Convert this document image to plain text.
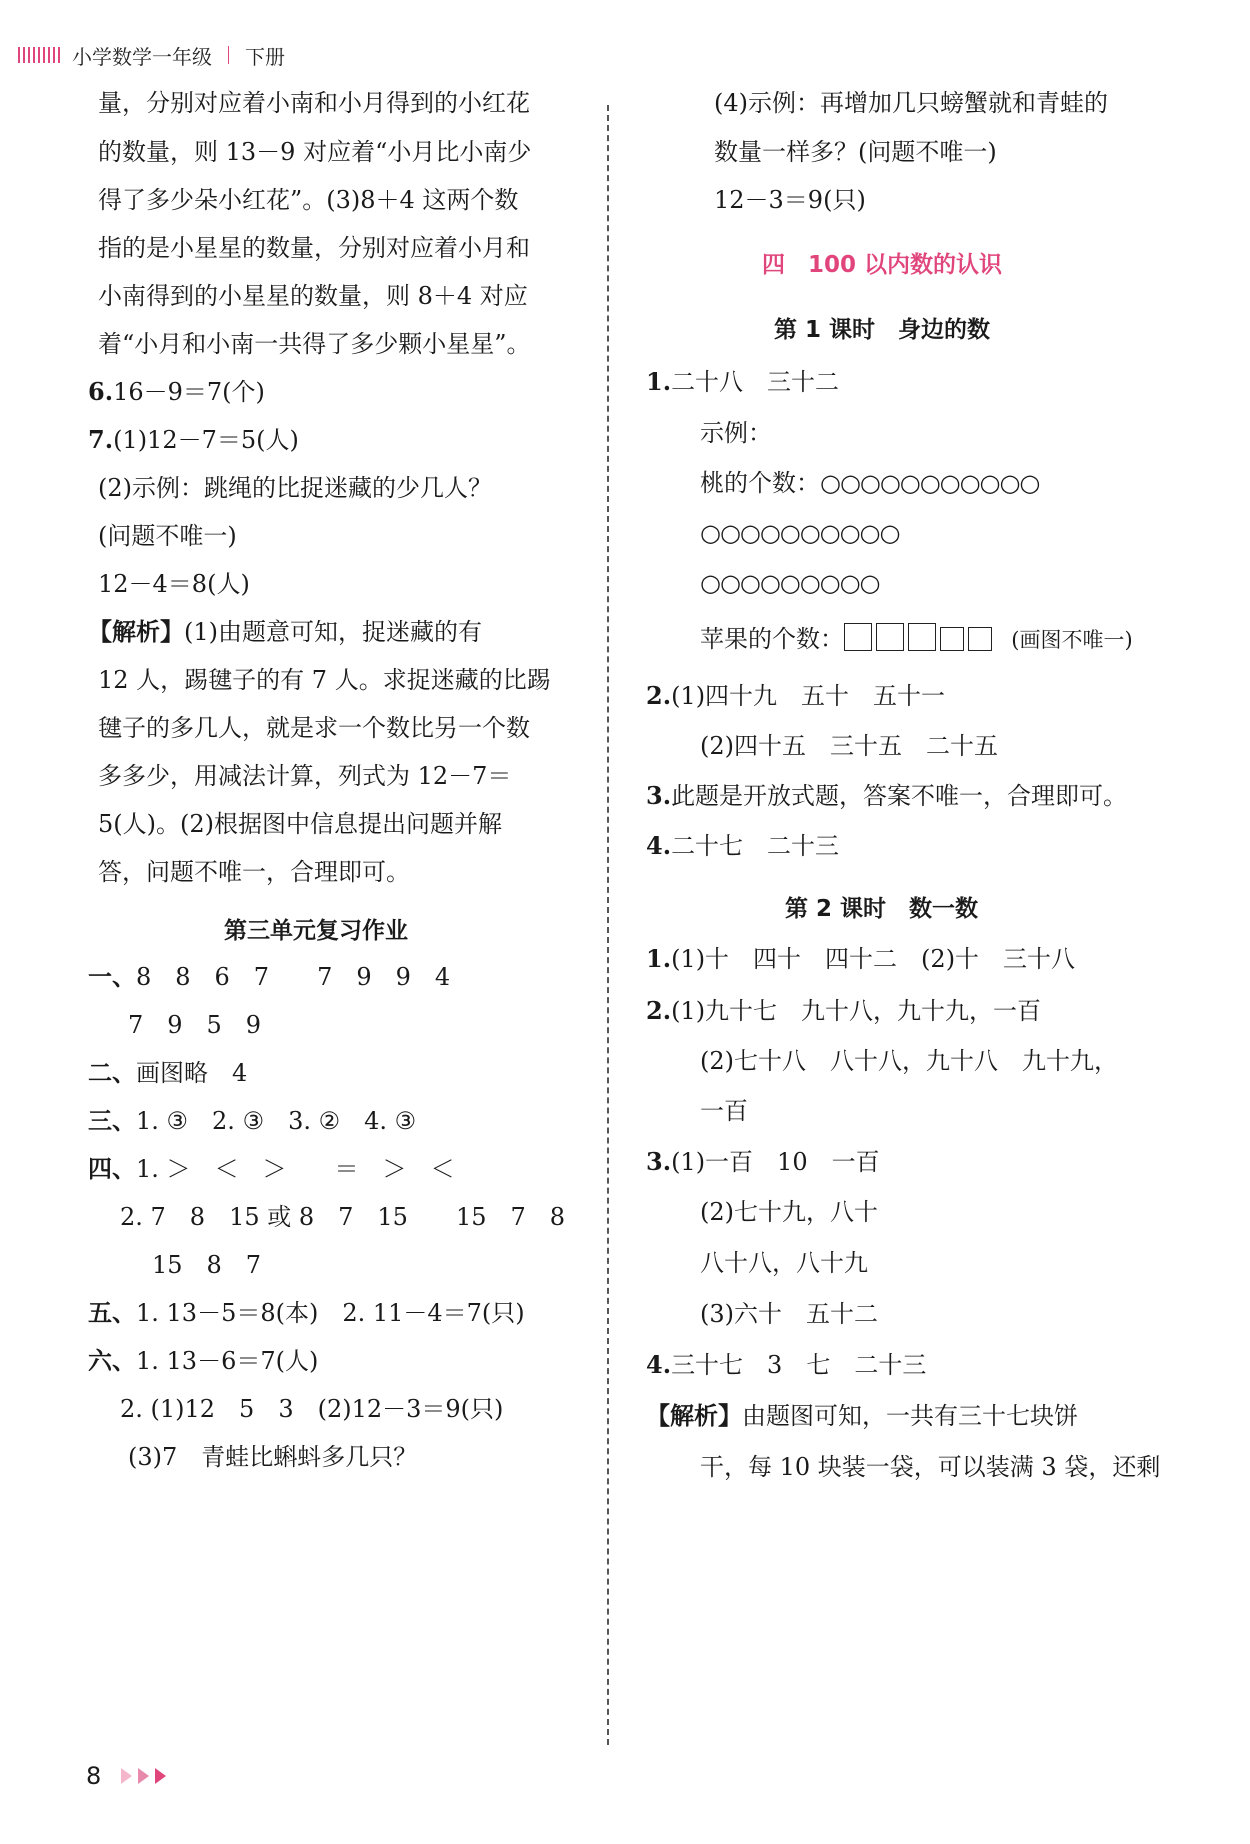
小学数学一年级 下册
量，分别对应着小南和小月得到的小红花
的数量，则 13－9 对应着“小月比小南少
得了多少朵小红花”。(3)8＋4 这两个数
指的是小星星的数量，分别对应着小月和
小南得到的小星星的数量，则 8＋4 对应
着“小月和小南一共得了多少颗小星星”。
6.16－9＝7(个)
7.(1)12－7＝5(人)
(2)示例：跳绳的比捉迷藏的少几人？
(问题不唯一)
12－4＝8(人)
【解析】(1)由题意可知，捉迷藏的有
12 人，踢毽子的有 7 人。求捉迷藏的比踢
毽子的多几人，就是求一个数比另一个数
多多少，用减法计算，列式为 12－7＝
5(人)。(2)根据图中信息提出问题并解
答，问题不唯一，合理即可。
第三单元复习作业
一、8　8　6　7　　7　9　9　4
7　9　5　9
二、画图略　4
三、1. ③　2. ③　3. ②　4. ③
四、1. ＞　＜　＞　　＝　＞　＜
2. 7　8　15 或 8　7　15　　15　7　8
15　8　7
五、1. 13－5＝8(本)　2. 11－4＝7(只)
六、1. 13－6＝7(人)
2. (1)12　5　3　(2)12－3＝9(只)
(3)7　青蛙比蝌蚪多几只？
(4)示例：再增加几只螃蟹就和青蛙的
数量一样多？(问题不唯一)
12－3＝9(只)
四　100 以内数的认识
第 1 课时　身边的数
1.二十八　三十二
示例：
桃的个数：○○○○○○○○○○○
○○○○○○○○○○
○○○○○○○○○
苹果的个数：	(画图不唯一)
2.(1)四十九　五十　五十一
(2)四十五　三十五　二十五
3.此题是开放式题，答案不唯一，合理即可。
4.二十七　二十三
第 2 课时　数一数
1.(1)十　四十　四十二　(2)十　三十八
2.(1)九十七　九十八，九十九，一百
(2)七十八　八十八，九十八　九十九，
一百
3.(1)一百　10　一百
(2)七十九，八十
八十八，八十九
(3)六十　五十二
4.三十七　3　七　二十三
【解析】由题图可知，一共有三十七块饼
干，每 10 块装一袋，可以装满 3 袋，还剩
8
